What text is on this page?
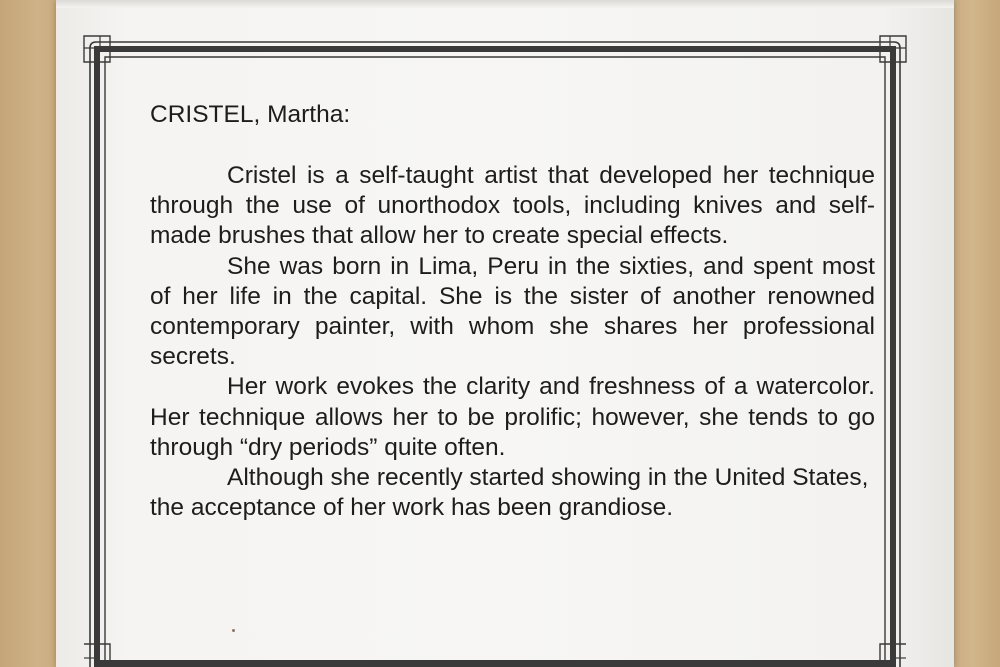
CRISTEL, Martha:

Cristel is a self-taught artist that developed her technique through the use of unorthodox tools, including knives and self-made brushes that allow her to create special effects.

She was born in Lima, Peru in the sixties, and spent most of her life in the capital. She is the sister of another renowned contemporary painter, with whom she shares her professional secrets.

Her work evokes the clarity and freshness of a watercolor. Her technique allows her to be prolific; however, she tends to go through “dry periods” quite often.

Although she recently started showing in the United States, the acceptance of her work has been grandiose.
